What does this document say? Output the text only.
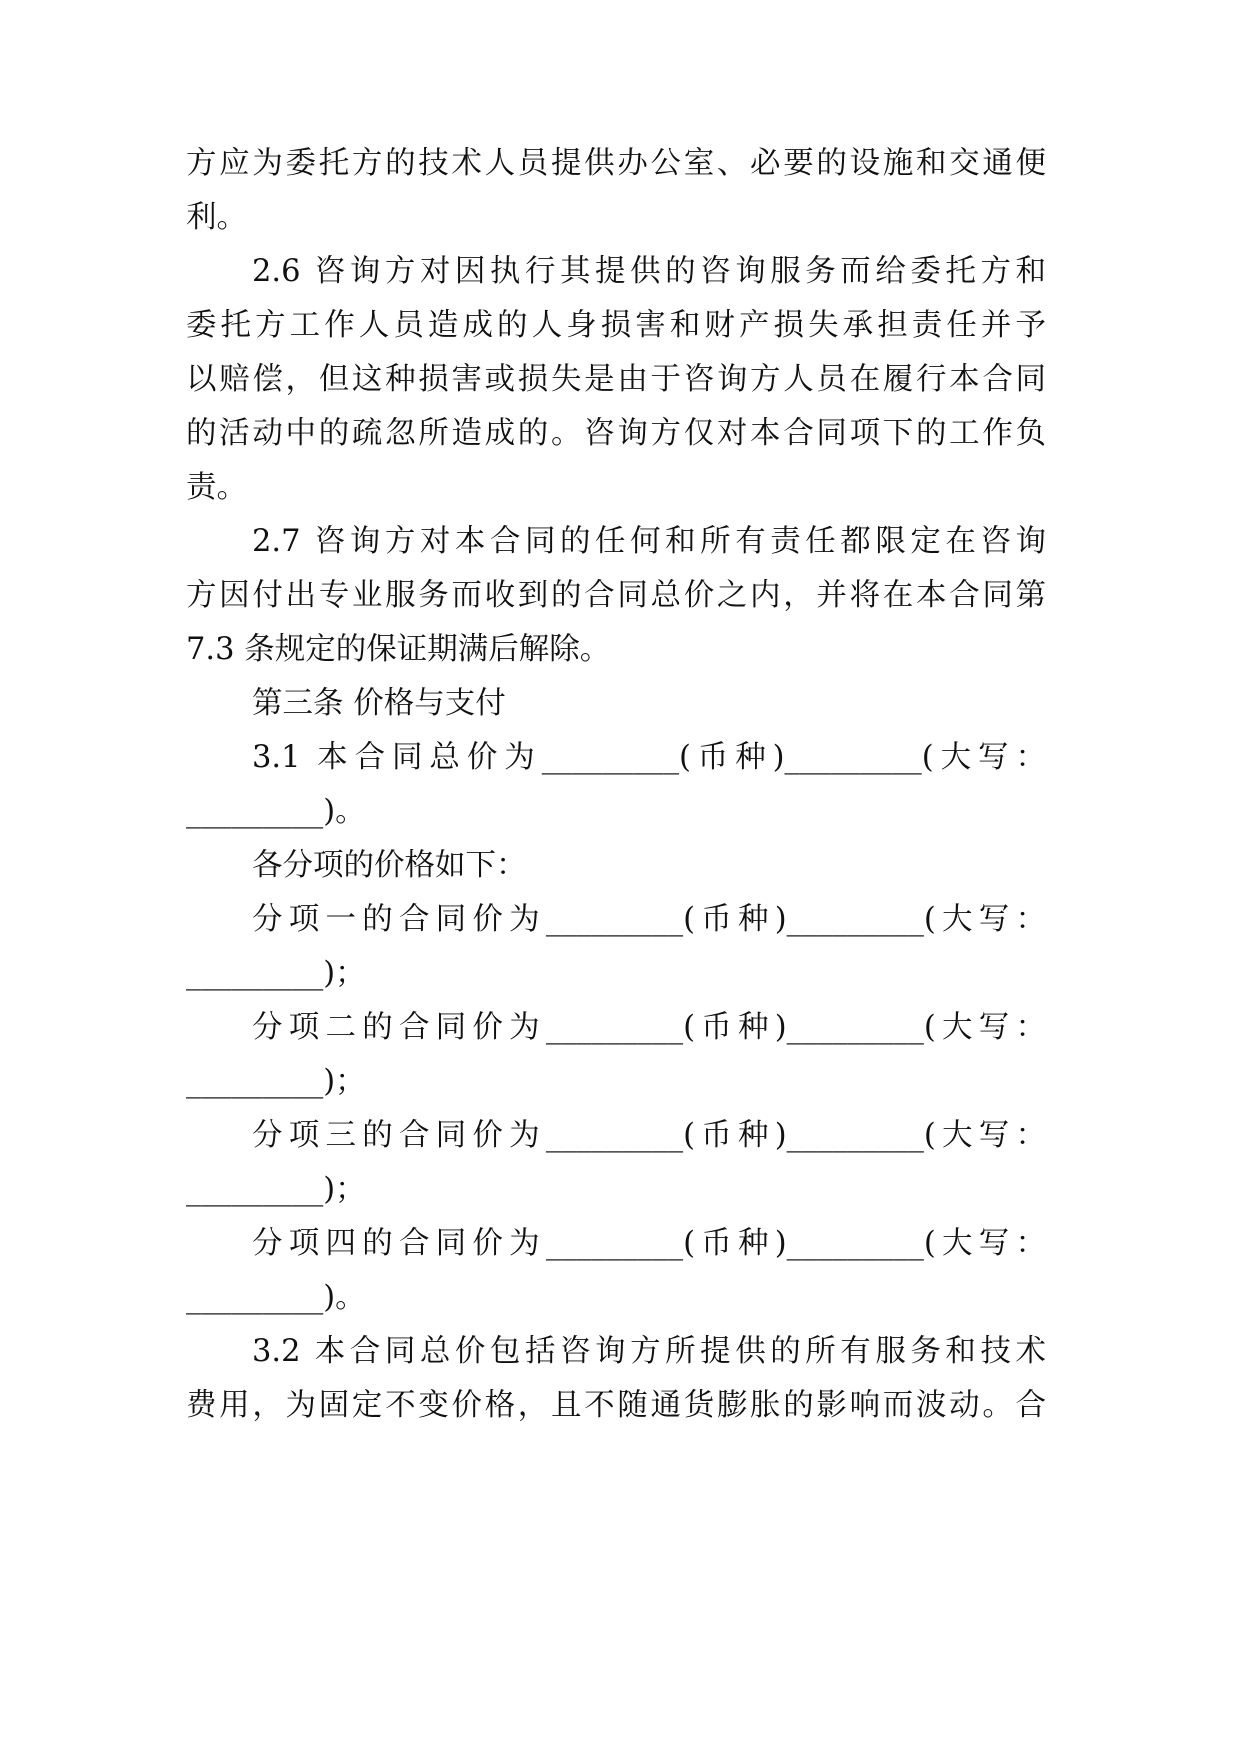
方应为委托方的技术人员提供办公室、必要的设施和交通便
利。
2.6 咨询方对因执行其提供的咨询服务而给委托方和
委托方工作人员造成的人身损害和财产损失承担责任并予
以赔偿，但这种损害或损失是由于咨询方人员在履行本合同
的活动中的疏忽所造成的。咨询方仅对本合同项下的工作负
责。
2.7 咨询方对本合同的任何和所有责任都限定在咨询
方因付出专业服务而收到的合同总价之内，并将在本合同第
7.3 条规定的保证期满后解除。
第三条 价格与支付
3.1 本合同总价为_________(币种)_________(大写：
_________)。
各分项的价格如下：
分项一的合同价为_________(币种)_________(大写：
_________)；
分项二的合同价为_________(币种)_________(大写：
_________)；
分项三的合同价为_________(币种)_________(大写：
_________)；
分项四的合同价为_________(币种)_________(大写：
_________)。
3.2 本合同总价包括咨询方所提供的所有服务和技术
费用，为固定不变价格，且不随通货膨胀的影响而波动。合
